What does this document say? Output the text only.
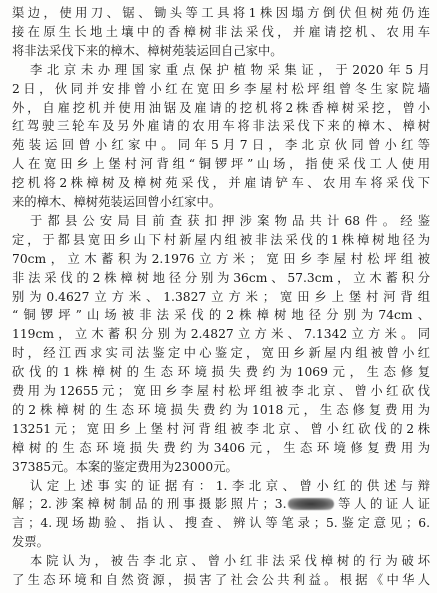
渠边，使用刀、锯、锄头等工具将1株因塌方倒伏但树苑仍连
接在原生长地土壤中的香樟树非法采伐，并雇请挖机、农用车
将非法采伐下来的樟木、樟树苑装运回自己家中。
李北京未办理国家重点保护植物采集证，于2020年5月
2日，伙同并安排曾小红在宽田乡李屋村松坪组曾冬生家院墙
外，自雇挖机并使用油锯及雇请的挖机将2株香樟树采挖，曾小
红驾驶三轮车及另外雇请的农用车将非法采伐下来的樟木、樟树
苑装运回曾小红家中。同年5月7日，李北京伙同曾小红等
人在宽田乡上堡村河背组“铜锣坪”山场，指使采伐工人使用
挖机将2株樟树及樟树苑采伐，并雇请铲车、农用车将采伐下
来的樟木、樟树苑装运回曾小红家中。
于都县公安局目前查获扣押涉案物品共计68件。经鉴
定，于都县宽田乡山下村新屋内组被非法采伐的1株樟树地径为
70cm，立木蓄积为2.1976立方米；宽田乡李屋村松坪组被
非法采伐的2株樟树地径分别为36cm、57.3cm，立木蓄积分
别为0.4627立方米、1.3827立方米；宽田乡上堡村河背组
“铜锣坪”山场被非法采伐的2株樟树地径分别为74cm、
119cm，立木蓄积分别为2.4827立方米、7.1342立方米。同
时，经江西求实司法鉴定中心鉴定，宽田乡新屋内组被曾小红
砍伐的1株樟树的生态环境损失费约为1069元，生态修复
费用为12655元；宽田乡李屋村松坪组被李北京、曾小红砍伐
的2株樟树的生态环境损失费约为1018元，生态修复费用为
13251元；宽田乡上堡村河背组被李北京、曾小红砍伐的2株
樟树的生态环境损失费约为3406元，生态环境修复费用为
37385元。本案的鉴定费用为23000元。
认定上述事实的证据有：1.李北京、曾小红的供述与辩
解；2.涉案樟树制品的刑事摄影照片；3.	等人的证人证
言；4.现场勘验、指认、搜查、辨认等笔录；5.鉴定意见；6.
发票。
本院认为，被告李北京、曾小红非法采伐樟树的行为破坏
了生态环境和自然资源，损害了社会公共利益。根据《中华人
